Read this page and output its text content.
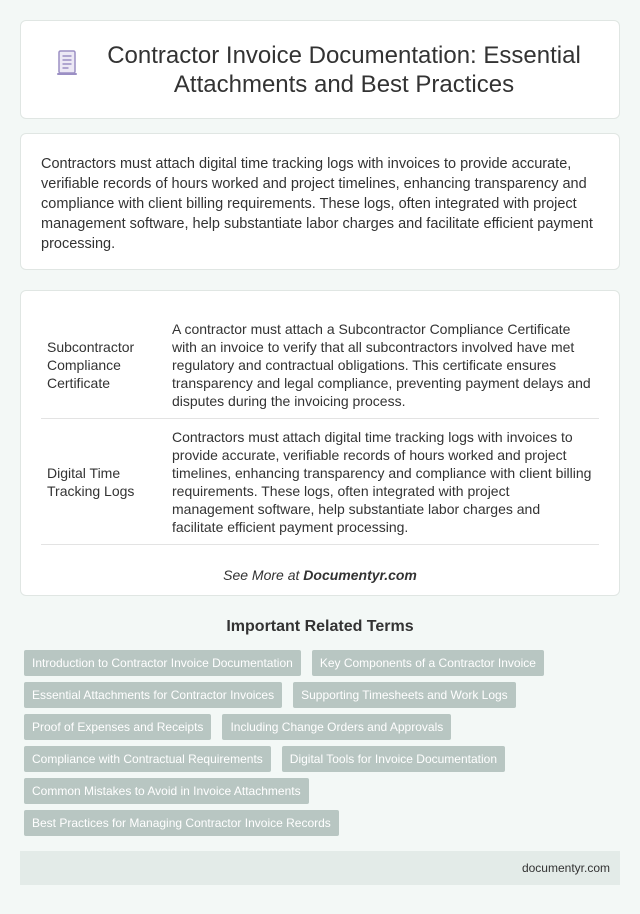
Contractor Invoice Documentation: Essential Attachments and Best Practices

Contractors must attach digital time tracking logs with invoices to provide accurate, verifiable records of hours worked and project timelines, enhancing transparency and compliance with client billing requirements. These logs, often integrated with project management software, help substantiate labor charges and facilitate efficient payment processing.

Subcontractor Compliance Certificate	A contractor must attach a Subcontractor Compliance Certificate with an invoice to verify that all subcontractors involved have met regulatory and contractual obligations. This certificate ensures transparency and legal compliance, preventing payment delays and disputes during the invoicing process.
Digital Time Tracking Logs	Contractors must attach digital time tracking logs with invoices to provide accurate, verifiable records of hours worked and project timelines, enhancing transparency and compliance with client billing requirements. These logs, often integrated with project management software, help substantiate labor charges and facilitate efficient payment processing.

See More at Documentyr.com

Important Related Terms
Introduction to Contractor Invoice Documentation	Key Components of a Contractor Invoice
Essential Attachments for Contractor Invoices	Supporting Timesheets and Work Logs
Proof of Expenses and Receipts	Including Change Orders and Approvals
Compliance with Contractual Requirements	Digital Tools for Invoice Documentation
Common Mistakes to Avoid in Invoice Attachments
Best Practices for Managing Contractor Invoice Records
documentyr.com
